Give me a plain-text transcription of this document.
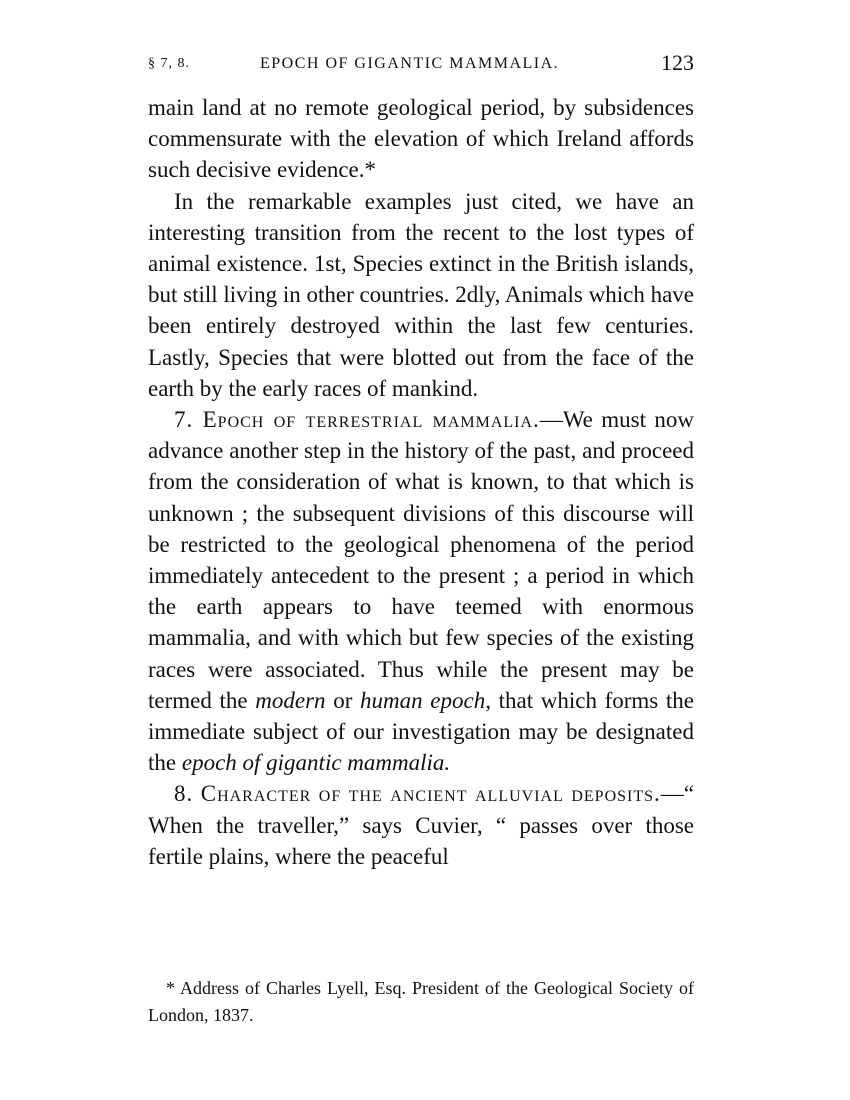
§ 7, 8.	EPOCH OF GIGANTIC MAMMALIA.	123

main land at no remote geological period, by subsidences commensurate with the elevation of which Ireland affords such decisive evidence.*

In the remarkable examples just cited, we have an interesting transition from the recent to the lost types of animal existence. 1st, Species extinct in the British islands, but still living in other countries. 2dly, Animals which have been entirely destroyed within the last few centuries. Lastly, Species that were blotted out from the face of the earth by the early races of mankind.

7. Epoch of terrestrial mammalia.—We must now advance another step in the history of the past, and proceed from the consideration of what is known, to that which is unknown ; the subsequent divisions of this discourse will be restricted to the geological phenomena of the period immediately antecedent to the present ; a period in which the earth appears to have teemed with enormous mammalia, and with which but few species of the existing races were associated. Thus while the present may be termed the modern or human epoch, that which forms the immediate subject of our investigation may be designated the epoch of gigantic mammalia.

8. Character of the ancient alluvial deposits.—“ When the traveller,” says Cuvier, “ passes over those fertile plains, where the peaceful

* Address of Charles Lyell, Esq. President of the Geological Society of London, 1837.
